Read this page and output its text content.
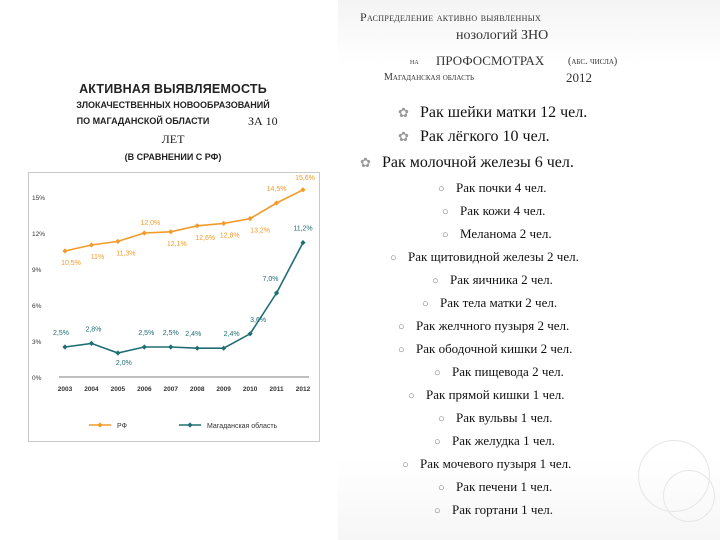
АКТИВНАЯ ВЫЯВЛЯЕМОСТЬ
ЗЛОКАЧЕСТВЕННЫХ НОВООБРАЗОВАНИЙ
ПО МАГАДАНСКОЙ ОБЛАСТИ	ЗА 10
ЛЕТ
(В СРАВНЕНИИ С РФ)
0%
3%
6%
9%
12%
15%
2003 2004 2005 2006 2007 2008 2009 2010 2011 2012
10,5%
11%
11,3%
12,0%
12,1%
12,6% 12,8%
13,2%
14,5%
15,6%
2,5%
2,8%
2,0%
2,5% 2,5% 2,4%	2,4%
3,6%
7,0%
11,2%
РФ	Магаданская область
Распределение активно выявленных
нозологий ЗНО
на ПРОФОСМОТРАХ (абс. числа)
Магаданская область	2012
✿ Рак шейки матки 12 чел.
✿ Рак лёгкого 10 чел.
✿ Рак молочной железы 6 чел.
○ Рак почки 4 чел.
○ Рак кожи 4 чел.
○ Меланома 2 чел.
○ Рак щитовидной железы 2 чел.
○ Рак яичника 2 чел.
○ Рак тела матки 2 чел.
○ Рак желчного пузыря 2 чел.
○ Рак ободочной кишки 2 чел.
○ Рак пищевода 2 чел.
○ Рак прямой кишки 1 чел.
○ Рак вульвы 1 чел.
○ Рак желудка 1 чел.
○ Рак мочевого пузыря 1 чел.
○ Рак печени 1 чел.
○ Рак гортани 1 чел.
